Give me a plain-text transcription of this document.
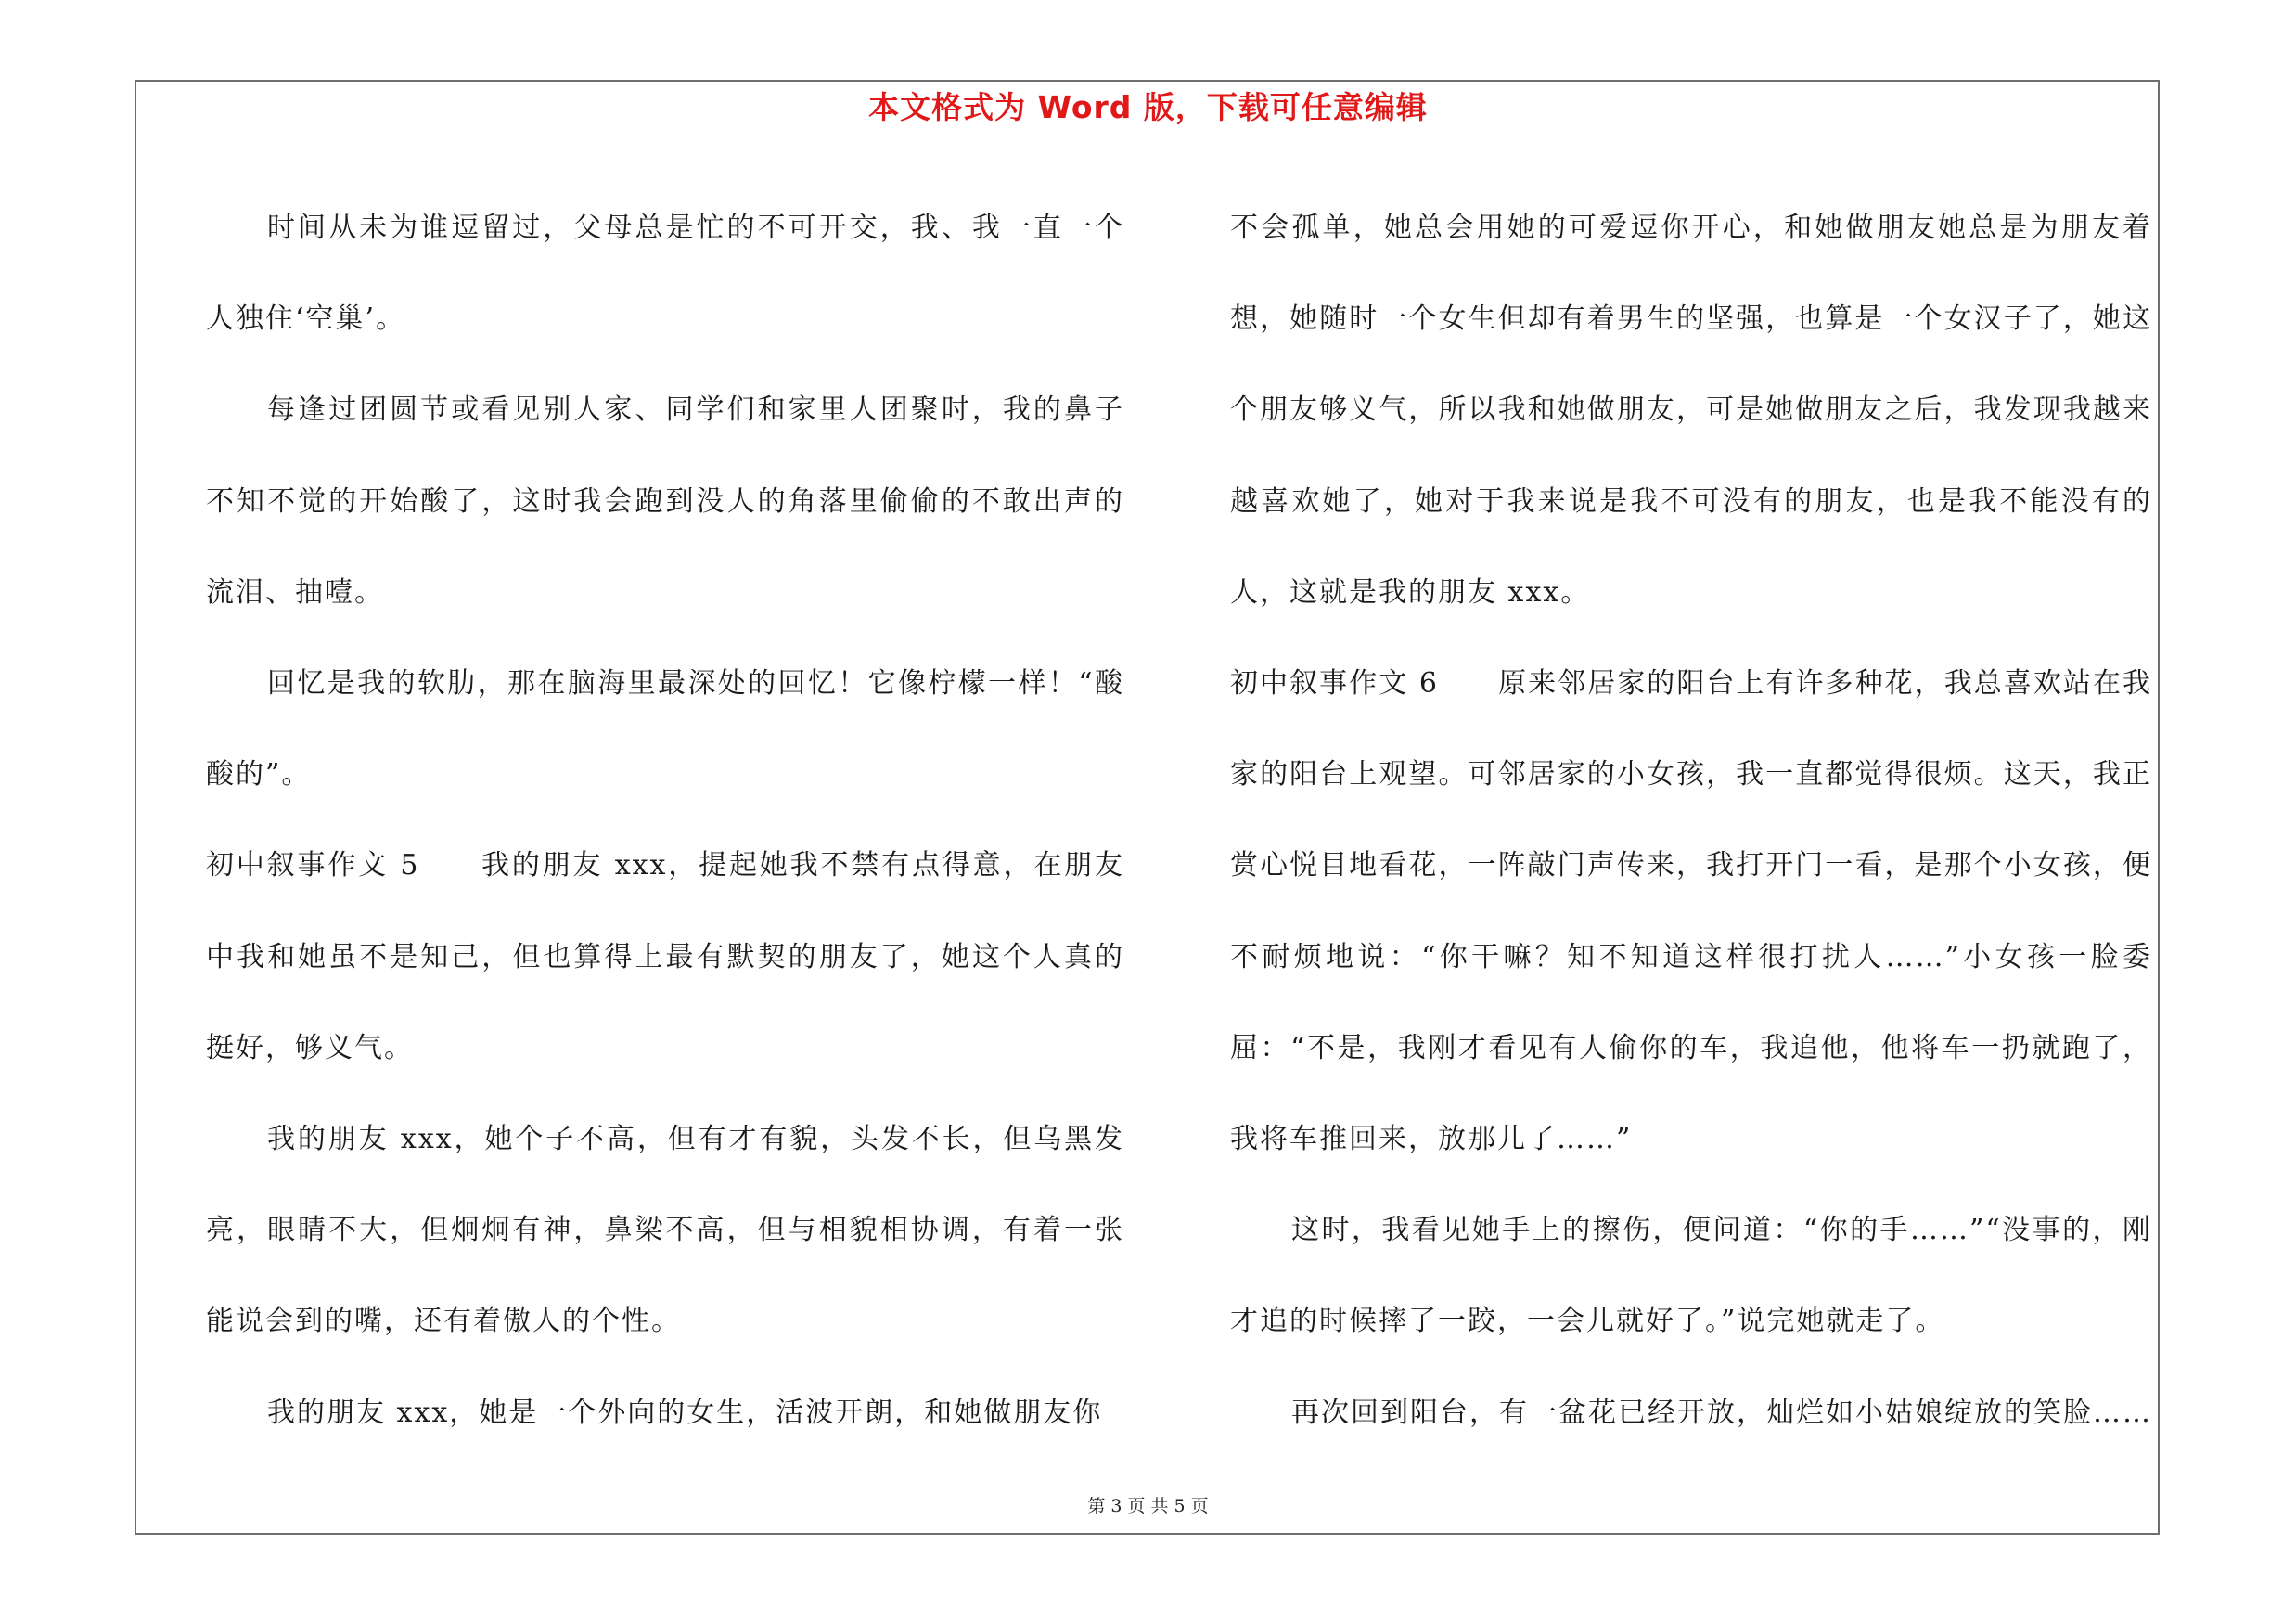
本文格式为 Word 版，下载可任意编辑

时间从未为谁逗留过，父母总是忙的不可开交，我、我一直一个人独住‘空巢’。

每逢过团圆节或看见别人家、同学们和家里人团聚时，我的鼻子不知不觉的开始酸了，这时我会跑到没人的角落里偷偷的不敢出声的流泪、抽噎。

回忆是我的软肋，那在脑海里最深处的回忆！它像柠檬一样！“酸酸的”。

初中叙事作文 5　　我的朋友 xxx，提起她我不禁有点得意，在朋友中我和她虽不是知己，但也算得上最有默契的朋友了，她这个人真的挺好，够义气。

我的朋友 xxx，她个子不高，但有才有貌，头发不长，但乌黑发亮，眼睛不大，但炯炯有神，鼻梁不高，但与相貌相协调，有着一张能说会到的嘴，还有着傲人的个性。

我的朋友 xxx，她是一个外向的女生，活波开朗，和她做朋友你

不会孤单，她总会用她的可爱逗你开心，和她做朋友她总是为朋友着想，她随时一个女生但却有着男生的坚强，也算是一个女汉子了，她这个朋友够义气，所以我和她做朋友，可是她做朋友之后，我发现我越来越喜欢她了，她对于我来说是我不可没有的朋友，也是我不能没有的人，这就是我的朋友 xxx。

初中叙事作文 6　　原来邻居家的阳台上有许多种花，我总喜欢站在我家的阳台上观望。可邻居家的小女孩，我一直都觉得很烦。这天，我正赏心悦目地看花，一阵敲门声传来，我打开门一看，是那个小女孩，便不耐烦地说：“你干嘛？知不知道这样很打扰人……”小女孩一脸委屈：“不是，我刚才看见有人偷你的车，我追他，他将车一扔就跑了，我将车推回来，放那儿了……”

这时，我看见她手上的擦伤，便问道：“你的手……”“没事的，刚才追的时候摔了一跤，一会儿就好了。”说完她就走了。

再次回到阳台，有一盆花已经开放，灿烂如小姑娘绽放的笑脸……

第 3 页 共 5 页
